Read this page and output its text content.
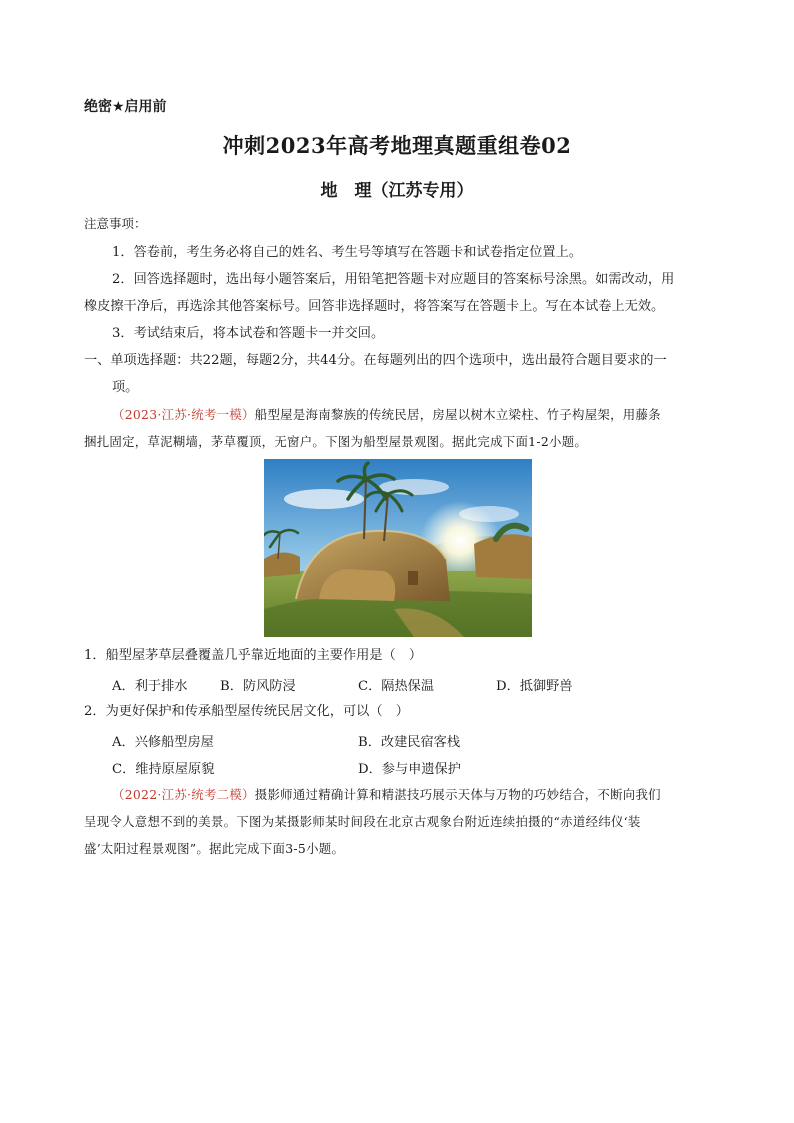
绝密★启用前
冲刺2023年高考地理真题重组卷02
地　理（江苏专用）
注意事项：
1．答卷前，考生务必将自己的姓名、考生号等填写在答题卡和试卷指定位置上。
2．回答选择题时，选出每小题答案后，用铅笔把答题卡对应题目的答案标号涂黑。如需改动，用
橡皮擦干净后，再选涂其他答案标号。回答非选择题时，将答案写在答题卡上。写在本试卷上无效。
3．考试结束后，将本试卷和答题卡一并交回。
一、单项选择题：共22题，每题2分，共44分。在每题列出的四个选项中，选出最符合题目要求的一
项。
（2023·江苏·统考一模）船型屋是海南黎族的传统民居，房屋以树木立梁柱、竹子构屋架，用藤条
捆扎固定，草泥糊墙，茅草覆顶，无窗户。下图为船型屋景观图。据此完成下面1-2小题。
1．船型屋茅草层叠覆盖几乎靠近地面的主要作用是（　）
A．利于排水 B．防风防浸	C．隔热保温	D．抵御野兽
2．为更好保护和传承船型屋传统民居文化，可以（　）
A．兴修船型房屋	B．改建民宿客栈
C．维持原屋原貌	D．参与申遗保护
（2022·江苏·统考二模）摄影师通过精确计算和精湛技巧展示天体与万物的巧妙结合，不断向我们
呈现令人意想不到的美景。下图为某摄影师某时间段在北京古观象台附近连续拍摄的“赤道经纬仪‘装
盛’太阳过程景观图”。据此完成下面3-5小题。
